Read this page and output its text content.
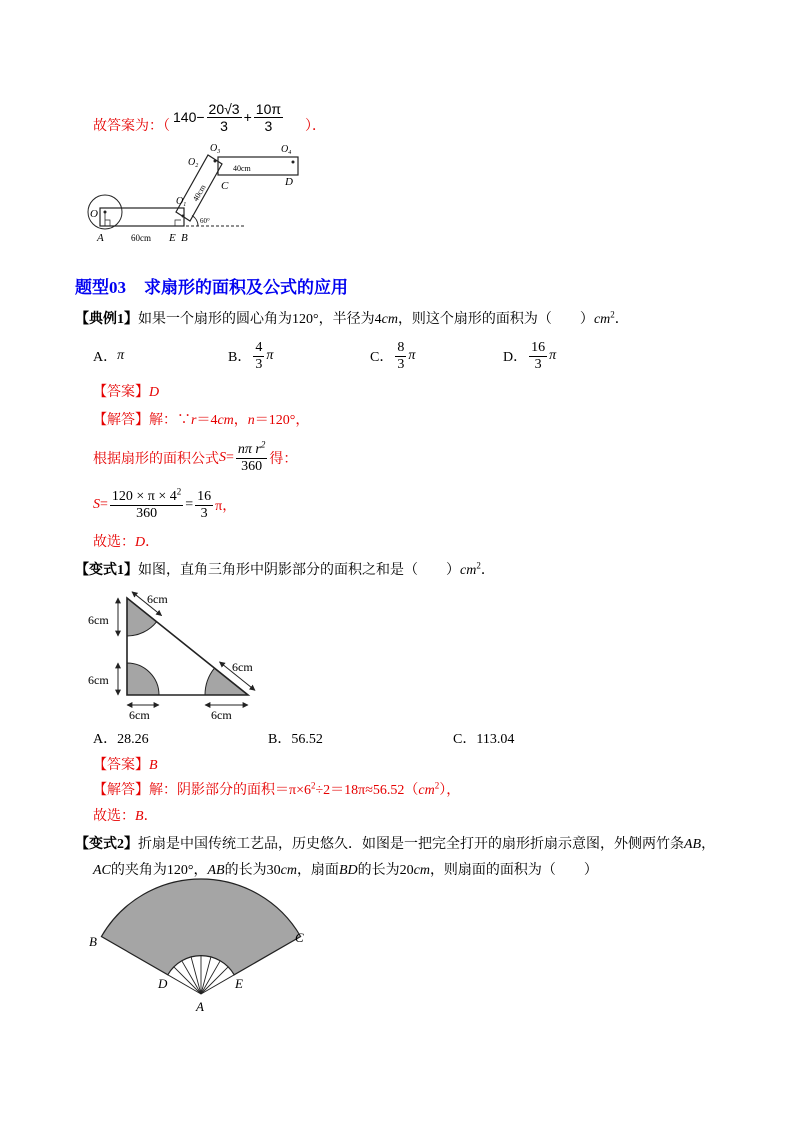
故答案为：（
$140- \frac{20√3}{3} + \frac{10\pi}{3}$ ）．
O
$O_1$
$O_2$
$O_3$	$O_4$
A	60cm E B
C	D
40cm
40cm
60°
题型03 求扇形的面积及公式的应用
【典例1】如果一个扇形的圆心角为120°，半径为4cm，则这个扇形的面积为（　　）$cm^2$．
A． π	B． $\frac{4}{3}$ π	C． $\frac{8}{3}$ π	D． $\frac{16}{3}$ π
【答案】D
【解答】解：∵r＝4cm，n＝120°，
根据扇形的面积公式 $S = \frac{n\pi r^2}{360}$ 得：
$S = \frac{120 \times \pi \times 4^2}{360} = \frac{16}{3}$ π，
故选：D．
【变式1】如图，直角三角形中阴影部分的面积之和是（　　）$cm^2$．
6cm
6cm
6cm
6cm
6cm	6cm
A．28.26	B．56.52	C．113.04
【答案】B
【解答】解：阴影部分的面积$=\pi\times 6^2\div 2=18\pi\approx 56.52(cm^2)$，
故选：B．
【变式2】折扇是中国传统工艺品，历史悠久．如图是一把完全打开的扇形折扇示意图，外侧两竹条AB，
AC的夹角为120°，AB的长为30cm，扇面BD的长为20cm，则扇面的面积为（　　）
B	C
D	E
A
